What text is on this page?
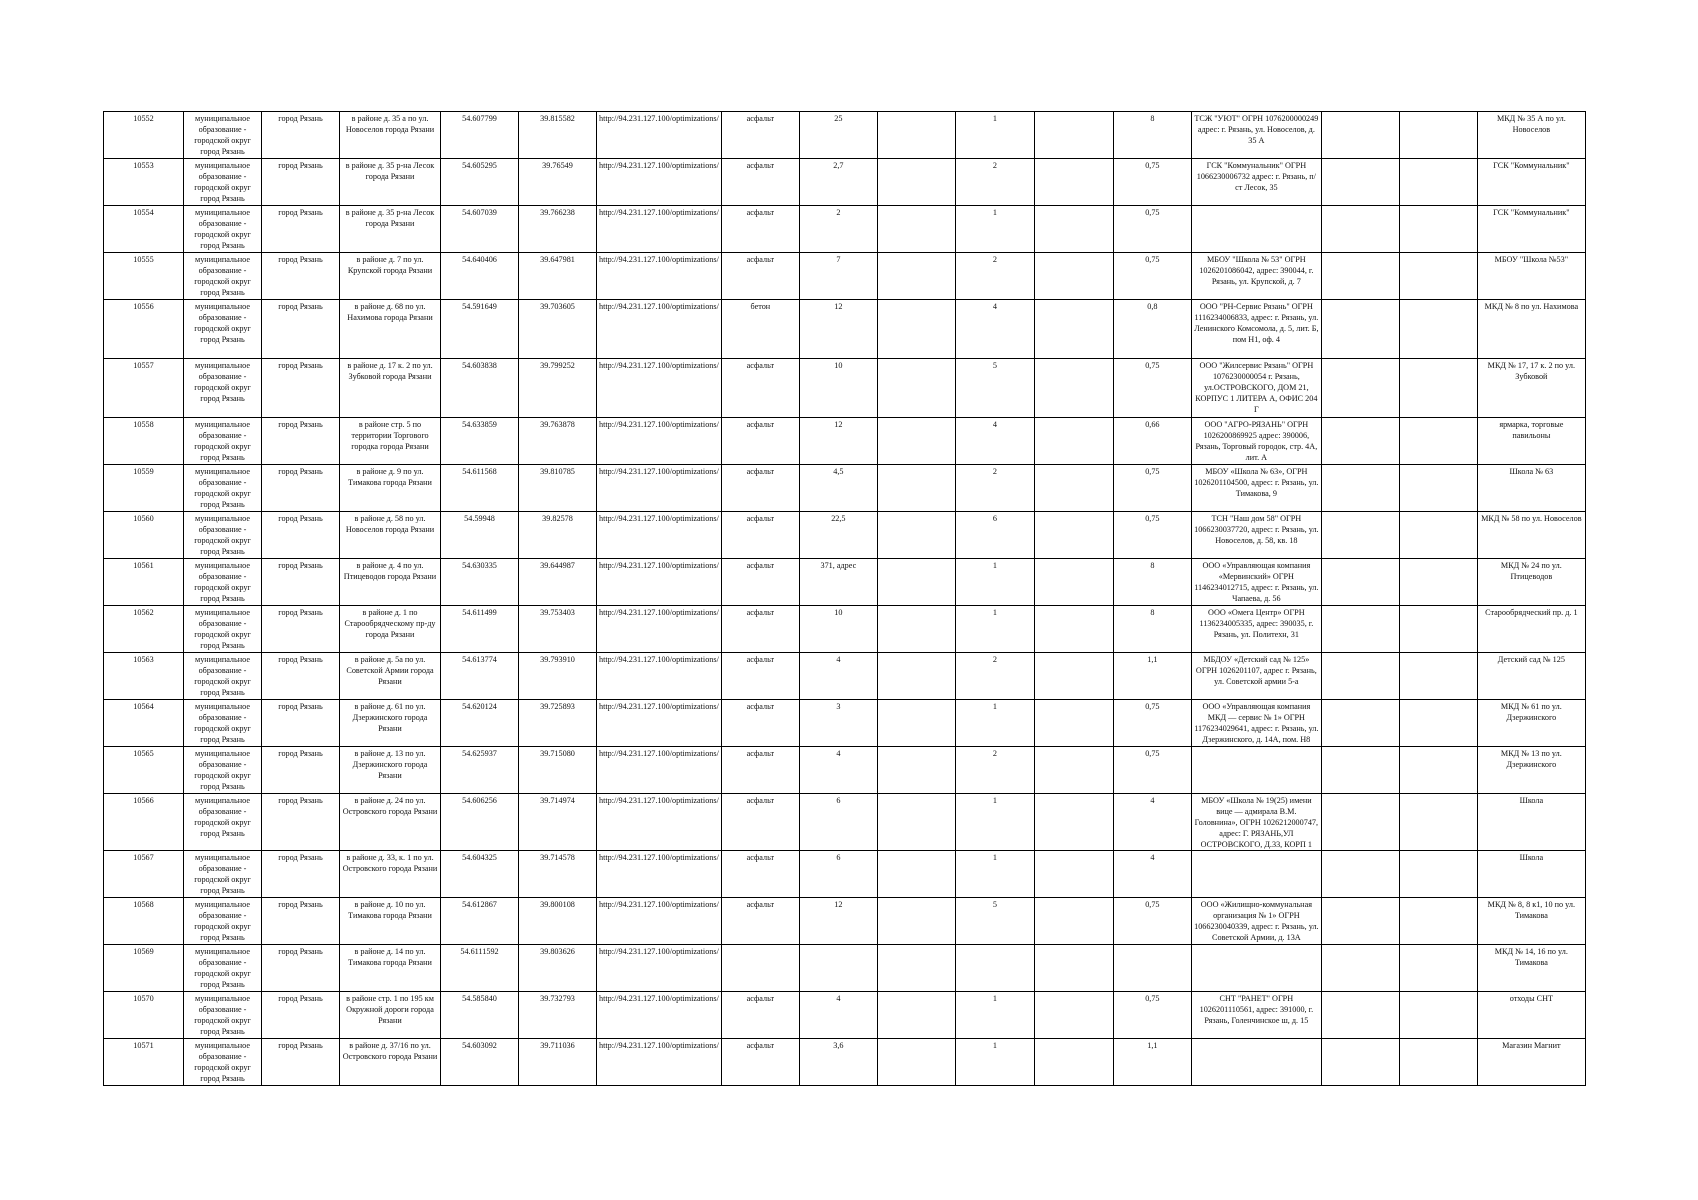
10552	муниципальное образование - городской округ город Рязань	город Рязань	в районе д. 35 а по ул. Новоселов города Рязани	54.607799	39.815582	http://94.231.127.100/optimizations/	асфальт	25		1		8	ТСЖ "УЮТ" ОГРН 1076200000249 адрес: г. Рязань, ул. Новоселов, д. 35 А			МКД № 35 А по ул. Новоселов
10553	муниципальное образование - городской округ город Рязань	город Рязань	в районе д. 35 р-на Лесок города Рязани	54.605295	39.76549	http://94.231.127.100/optimizations/	асфальт	2,7		2		0,75	ГСК "Коммунальник" ОГРН 1066230006732 адрес: г. Рязань, п/ст Лесок, 35			ГСК "Коммунальник"
10554	муниципальное образование - городской округ город Рязань	город Рязань	в районе д. 35 р-на Лесок города Рязани	54.607039	39.766238	http://94.231.127.100/optimizations/	асфальт	2		1		0,75				ГСК "Коммунальник"
10555	муниципальное образование - городской округ город Рязань	город Рязань	в районе д. 7 по ул. Крупской города Рязани	54.640406	39.647981	http://94.231.127.100/optimizations/	асфальт	7		2		0,75	МБОУ "Школа № 53" ОГРН 1026201086042, адрес: 390044, г. Рязань, ул. Крупской, д. 7			МБОУ "Школа №53"
10556	муниципальное образование - городской округ город Рязань	город Рязань	в районе д. 68 по ул. Нахимова города Рязани	54.591649	39.703605	http://94.231.127.100/optimizations/	бетон	12		4		0,8	ООО "РН-Сервис Рязань" ОГРН 1116234006833, адрес: г. Рязань, ул. Ленинского Комсомола, д. 5, лит. Б, пом Н1, оф. 4			МКД № 8 по ул. Нахимова
10557	муниципальное образование - городской округ город Рязань	город Рязань	в районе д. 17 к. 2 по ул. Зубковой города Рязани	54.603838	39.799252	http://94.231.127.100/optimizations/	асфальт	10		5		0,75	ООО "Жилсервис Рязань" ОГРН 1076230000054 г. Рязань, ул.ОСТРОВСКОГО, ДОМ 21, КОРПУС 1 ЛИТЕРА А, ОФИС 204 Г			МКД № 17, 17 к. 2 по ул. Зубковой
10558	муниципальное образование - городской округ город Рязань	город Рязань	в районе стр. 5 по территории Торгового городка города Рязани	54.633859	39.763878	http://94.231.127.100/optimizations/	асфальт	12		4		0,66	ООО "АГРО-РЯЗАНЬ" ОГРН 1026200869925 адрес: 390006, Рязань, Торговый городок, стр. 4А, лит. А			ярмарка, торговые павильоны
10559	муниципальное образование - городской округ город Рязань	город Рязань	в районе д. 9 по ул. Тимакова города Рязани	54.611568	39.810785	http://94.231.127.100/optimizations/	асфальт	4,5		2		0,75	МБОУ «Школа № 63», ОГРН 1026201104500, адрес: г. Рязань, ул. Тимакова, 9			Школа № 63
10560	муниципальное образование - городской округ город Рязань	город Рязань	в районе д. 58 по ул. Новоселов города Рязани	54.59948	39.82578	http://94.231.127.100/optimizations/	асфальт	22,5		6		0,75	ТСН "Наш дом 58" ОГРН 1066230037720, адрес: г. Рязань, ул. Новоселов, д. 58, кв. 18			МКД № 58 по ул. Новоселов
10561	муниципальное образование - городской округ город Рязань	город Рязань	в районе д. 4 по ул. Птицеводов города Рязани	54.630335	39.644987	http://94.231.127.100/optimizations/	асфальт	371, адрес		1		8	ООО «Управляющая компания «Мервинский» ОГРН 1146234012715, адрес: г. Рязань, ул. Чапаева, д. 56			МКД № 24 по ул. Птицеводов
10562	муниципальное образование - городской округ город Рязань	город Рязань	в районе д. 1 по Старообрядческому пр-ду города Рязани	54.611499	39.753403	http://94.231.127.100/optimizations/	асфальт	10		1		8	ООО «Омега Центр» ОГРН 1136234005335, адрес: 390035, г. Рязань, ул. Политехн, 31			Старообрядческий пр. д. 1
10563	муниципальное образование - городской округ город Рязань	город Рязань	в районе д. 5а по ул. Советской Армии города Рязани	54.613774	39.793910	http://94.231.127.100/optimizations/	асфальт	4		2		1,1	МБДОУ «Детский сад № 125» ОГРН 1026201107, адрес г. Рязань, ул. Советской армии 5-а			Детский сад № 125
10564	муниципальное образование - городской округ город Рязань	город Рязань	в районе д. 61 по ул. Дзержинского города Рязани	54.620124	39.725893	http://94.231.127.100/optimizations/	асфальт	3		1		0,75	ООО «Управляющая компания МКД — сервис № 1» ОГРН 1176234029641, адрес: г. Рязань, ул. Дзержинского, д. 14А, пом. Н8			МКД № 61 по ул. Дзержинского
10565	муниципальное образование - городской округ город Рязань	город Рязань	в районе д. 13 по ул. Дзержинского города Рязани	54.625937	39.715080	http://94.231.127.100/optimizations/	асфальт	4		2		0,75				МКД № 13 по ул. Дзержинского
10566	муниципальное образование - городской округ город Рязань	город Рязань	в районе д. 24 по ул. Островского города Рязани	54.606256	39.714974	http://94.231.127.100/optimizations/	асфальт	6		1		4	МБОУ «Школа № 19(25) имени вице — адмирала В.М. Головнина», ОГРН 1026212000747, адрес: Г. РЯЗАНЬ,УЛ ОСТРОВСКОГО, Д.33, КОРП 1			Школа
10567	муниципальное образование - городской округ город Рязань	город Рязань	в районе д. 33, к. 1 по ул. Островского города Рязани	54.604325	39.714578	http://94.231.127.100/optimizations/	асфальт	6		1		4				Школа
10568	муниципальное образование - городской округ город Рязань	город Рязань	в районе д. 10 по ул. Тимакова города Рязани	54.612867	39.800108	http://94.231.127.100/optimizations/	асфальт	12		5		0,75	ООО «Жилищно-коммунальная организация № 1» ОГРН 1066230040339, адрес: г. Рязань, ул. Советской Армии, д. 13А			МКД № 8, 8 к1, 10 по ул. Тимакова
10569	муниципальное образование - городской округ город Рязань	город Рязань	в районе д. 14 по ул. Тимакова города Рязани	54.6111592	39.803626	http://94.231.127.100/optimizations/										МКД № 14, 16 по ул. Тимакова
10570	муниципальное образование - городской округ город Рязань	город Рязань	в районе стр. 1 по 195 км Окружной дороги города Рязани	54.585840	39.732793	http://94.231.127.100/optimizations/	асфальт	4		1		0,75	СНТ "РАНЕТ" ОГРН 1026201110561, адрес: 391000, г. Рязань, Голенчинское ш, д. 15			отходы СНТ
10571	муниципальное образование - городской округ город Рязань	город Рязань	в районе д. 37/16 по ул. Островского города Рязани	54.603092	39.711036	http://94.231.127.100/optimizations/	асфальт	3,6		1		1,1				Магазин Магнит
